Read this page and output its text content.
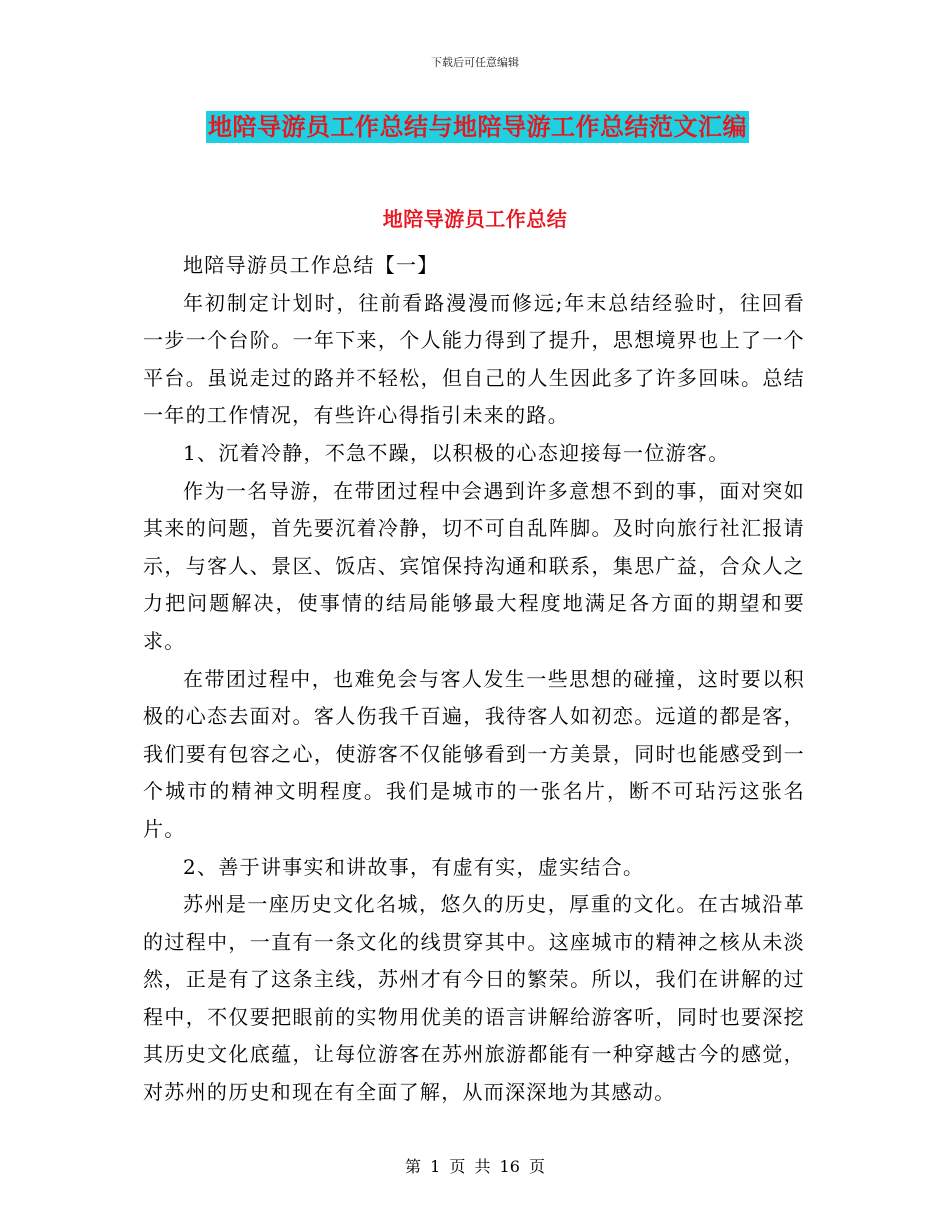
下载后可任意编辑
地陪导游员工作总结与地陪导游工作总结范文汇编
地陪导游员工作总结

地陪导游员工作总结【一】

年初制定计划时，往前看路漫漫而修远;年末总结经验时，往回看一步一个台阶。一年下来，个人能力得到了提升，思想境界也上了一个平台。虽说走过的路并不轻松，但自己的人生因此多了许多回味。总结一年的工作情况，有些许心得指引未来的路。

1、沉着冷静，不急不躁，以积极的心态迎接每一位游客。

作为一名导游，在带团过程中会遇到许多意想不到的事，面对突如其来的问题，首先要沉着冷静，切不可自乱阵脚。及时向旅行社汇报请示，与客人、景区、饭店、宾馆保持沟通和联系，集思广益，合众人之力把问题解决，使事情的结局能够最大程度地满足各方面的期望和要求。

在带团过程中，也难免会与客人发生一些思想的碰撞，这时要以积极的心态去面对。客人伤我千百遍，我待客人如初恋。远道的都是客，我们要有包容之心，使游客不仅能够看到一方美景，同时也能感受到一个城市的精神文明程度。我们是城市的一张名片，断不可玷污这张名片。

2、善于讲事实和讲故事，有虚有实，虚实结合。

苏州是一座历史文化名城，悠久的历史，厚重的文化。在古城沿革的过程中，一直有一条文化的线贯穿其中。这座城市的精神之核从未淡然，正是有了这条主线，苏州才有今日的繁荣。所以，我们在讲解的过程中，不仅要把眼前的实物用优美的语言讲解给游客听，同时也要深挖其历史文化底蕴，让每位游客在苏州旅游都能有一种穿越古今的感觉，对苏州的历史和现在有全面了解，从而深深地为其感动。

第 1 页 共 16 页
